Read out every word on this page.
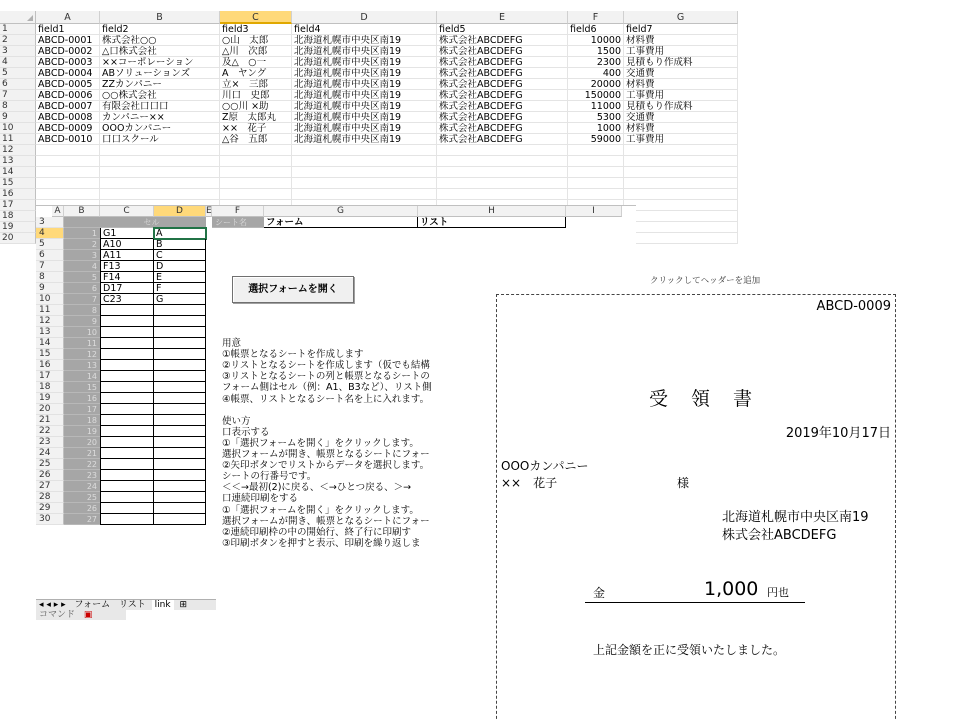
A	B	C	D	E	F	G
1	field1	field2	field3	field4	field5	field6	field7
2	ABCD-0001	株式会社○○	○山　太郎	北海道札幌市中央区南19	株式会社ABCDEFG	10000 材料費
3	ABCD-0002	△口株式会社	△川　次郎	北海道札幌市中央区南19	株式会社ABCDEFG	1500 工事費用
4	ABCD-0003	××コーポレーション	及△　○一	北海道札幌市中央区南19	株式会社ABCDEFG	2300 見積もり作成料
5	ABCD-0004	ABソリューションズ	A　ヤング	北海道札幌市中央区南19	株式会社ABCDEFG	400 交通費
6	ABCD-0005	ZZカンパニー	立×　三郎	北海道札幌市中央区南19	株式会社ABCDEFG	20000 材料費
7	ABCD-0006	○○株式会社	川口　史郎	北海道札幌市中央区南19	株式会社ABCDEFG	150000 工事費用
8	ABCD-0007	有限会社口口口	○○川 ×助	北海道札幌市中央区南19	株式会社ABCDEFG	11000 見積もり作成料
9	ABCD-0008	カンパニー××	Z原　太郎丸	北海道札幌市中央区南19	株式会社ABCDEFG	5300 交通費
10	ABCD-0009	OOOカンパニー	××　花子	北海道札幌市中央区南19	株式会社ABCDEFG	1000 材料費
11	ABCD-0010	口口スクール	△谷　五郎	北海道札幌市中央区南19	株式会社ABCDEFG	59000 工事費用
12
13
14
15
16
17
18
19
20
A	B	C	D	E	F	G	H	I
3	セル	シート名	フォーム	リスト
4	1 G1	A
5	2 A10	B
6	3 A11	C
7	4 F13	D
8	5 F14	E
9	6 D17	F
10	7 C23	G
11	8
12	9
13	10
14	11
15	12
16	13
17	14
18	15
19	16
20	17
21	18
22	19
23	20
24	21
25	22
26	23
27	24
28	25
29	26
30	27
選択フォームを開く
用意
①帳票となるシートを作成します
②リストとなるシートを作成します（仮でも結構
③リストとなるシートの列と帳票となるシートの
フォーム側はセル（例：A1、B3など）、リスト側
④帳票、リストとなるシート名を上に入れます。
使い方
口表示する
①「選択フォームを開く」をクリックします。
選択フォームが開き、帳票となるシートにフォー
②矢印ボタンでリストからデータを選択します。
シートの行番号です。
＜＜→最初(2)に戻る、＜→ひとつ戻る、＞→
口連続印刷をする
①「選択フォームを開く」をクリックします。
選択フォームが開き、帳票となるシートにフォー
②連続印刷枠の中の開始行、終了行に印刷す
③印刷ボタンを押すと表示、印刷を繰り返しま
◂ ◂ ▸ ▸ フォーム リスト link ⊞
コマンド ▣
クリックしてヘッダーを追加
ABCD-0009
受　領　書
2019年10月17日
OOOカンパニー
××　花子	様
北海道札幌市中央区南19
株式会社ABCDEFG
金	1,000 円也
上記金額を正に受領いたしました。
